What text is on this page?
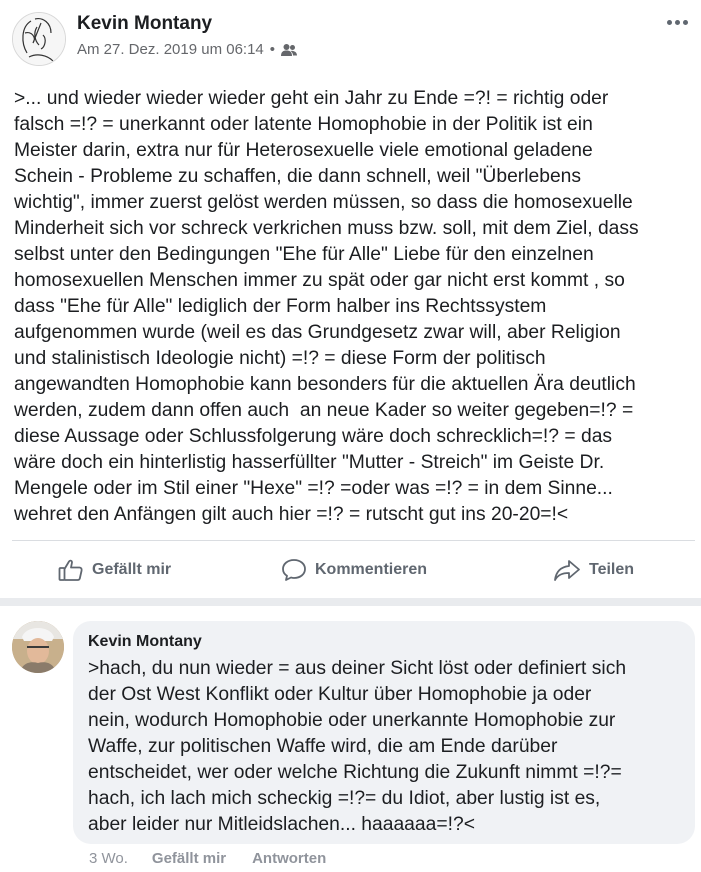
Kevin Montany
Am 27. Dez. 2019 um 06:14 •
>... und wieder wieder wieder geht ein Jahr zu Ende =?! = richtig oder
falsch =!? = unerkannt oder latente Homophobie in der Politik ist ein
Meister darin, extra nur für Heterosexuelle viele emotional geladene
Schein - Probleme zu schaffen, die dann schnell, weil "Überlebens
wichtig", immer zuerst gelöst werden müssen, so dass die homosexuelle
Minderheit sich vor schreck verkrichen muss bzw. soll, mit dem Ziel, dass
selbst unter den Bedingungen "Ehe für Alle" Liebe für den einzelnen
homosexuellen Menschen immer zu spät oder gar nicht erst kommt , so
dass "Ehe für Alle" lediglich der Form halber ins Rechtssystem
aufgenommen wurde (weil es das Grundgesetz zwar will, aber Religion
und stalinistisch Ideologie nicht) =!? = diese Form der politisch
angewandten Homophobie kann besonders für die aktuellen Ära deutlich
werden, zudem dann offen auch  an neue Kader so weiter gegeben=!? =
diese Aussage oder Schlussfolgerung wäre doch schrecklich=!? = das
wäre doch ein hinterlistig hasserfüllter "Mutter - Streich" im Geiste Dr.
Mengele oder im Stil einer "Hexe" =!? =oder was =!? = in dem Sinne...
wehret den Anfängen gilt auch hier =!? = rutscht gut ins 20-20=!<
Gefällt mir	Kommentieren	Teilen
Kevin Montany
>hach, du nun wieder = aus deiner Sicht löst oder definiert sich
der Ost West Konflikt oder Kultur über Homophobie ja oder
nein, wodurch Homophobie oder unerkannte Homophobie zur
Waffe, zur politischen Waffe wird, die am Ende darüber
entscheidet, wer oder welche Richtung die Zukunft nimmt =!?=
hach, ich lach mich scheckig =!?= du Idiot, aber lustig ist es,
aber leider nur Mitleidslachen... haaaaaa=!?<
3 Wo. Gefällt mir Antworten
